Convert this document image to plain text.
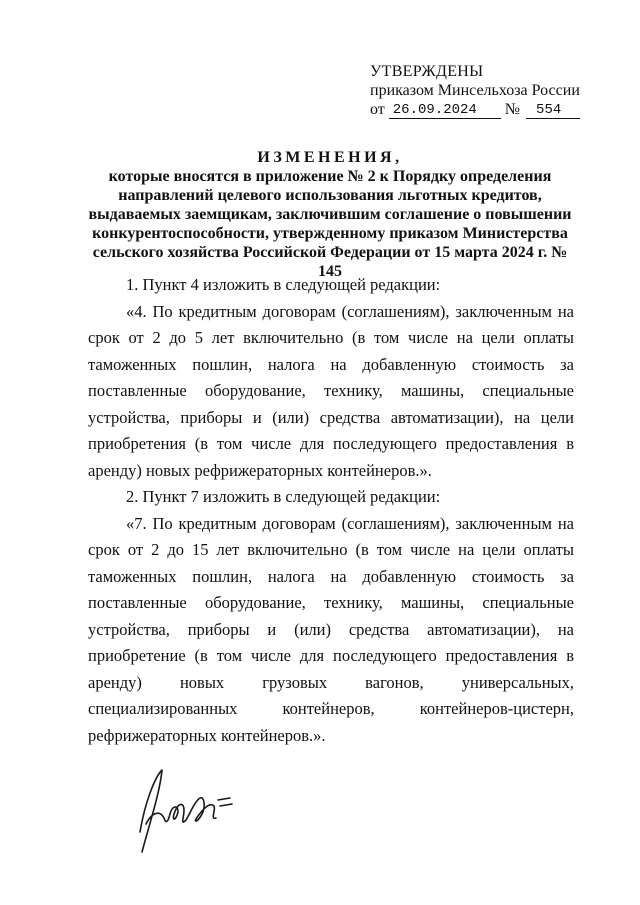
УТВЕРЖДЕНЫ
приказом Минсельхоза России
от 26.09.2024	№	554
ИЗМЕНЕНИЯ,
которые вносятся в приложение № 2 к Порядку определения
направлений целевого использования льготных кредитов,
выдаваемых заемщикам, заключившим соглашение о повышении
конкурентоспособности, утвержденному приказом Министерства
сельского хозяйства Российской Федерации от 15 марта 2024 г. № 145

1. Пункт 4 изложить в следующей редакции:

«4. По кредитным договорам (соглашениям), заключенным на срок от 2 до 5 лет включительно (в том числе на цели оплаты таможенных пошлин, налога на добавленную стоимость за поставленные оборудование, технику, машины, специальные устройства, приборы и (или) средства автоматизации), на цели приобретения (в том числе для последующего предоставления в аренду) новых рефрижераторных контейнеров.».

2. Пункт 7 изложить в следующей редакции:

«7. По кредитным договорам (соглашениям), заключенным на срок от 2 до 15 лет включительно (в том числе на цели оплаты таможенных пошлин, налога на добавленную стоимость за поставленные оборудование, технику, машины, специальные устройства, приборы и (или) средства автоматизации), на приобретение (в том числе для последующего предоставления в аренду) новых грузовых вагонов, универсальных, специализированных контейнеров, контейнеров-цистерн, рефрижераторных контейнеров.».
